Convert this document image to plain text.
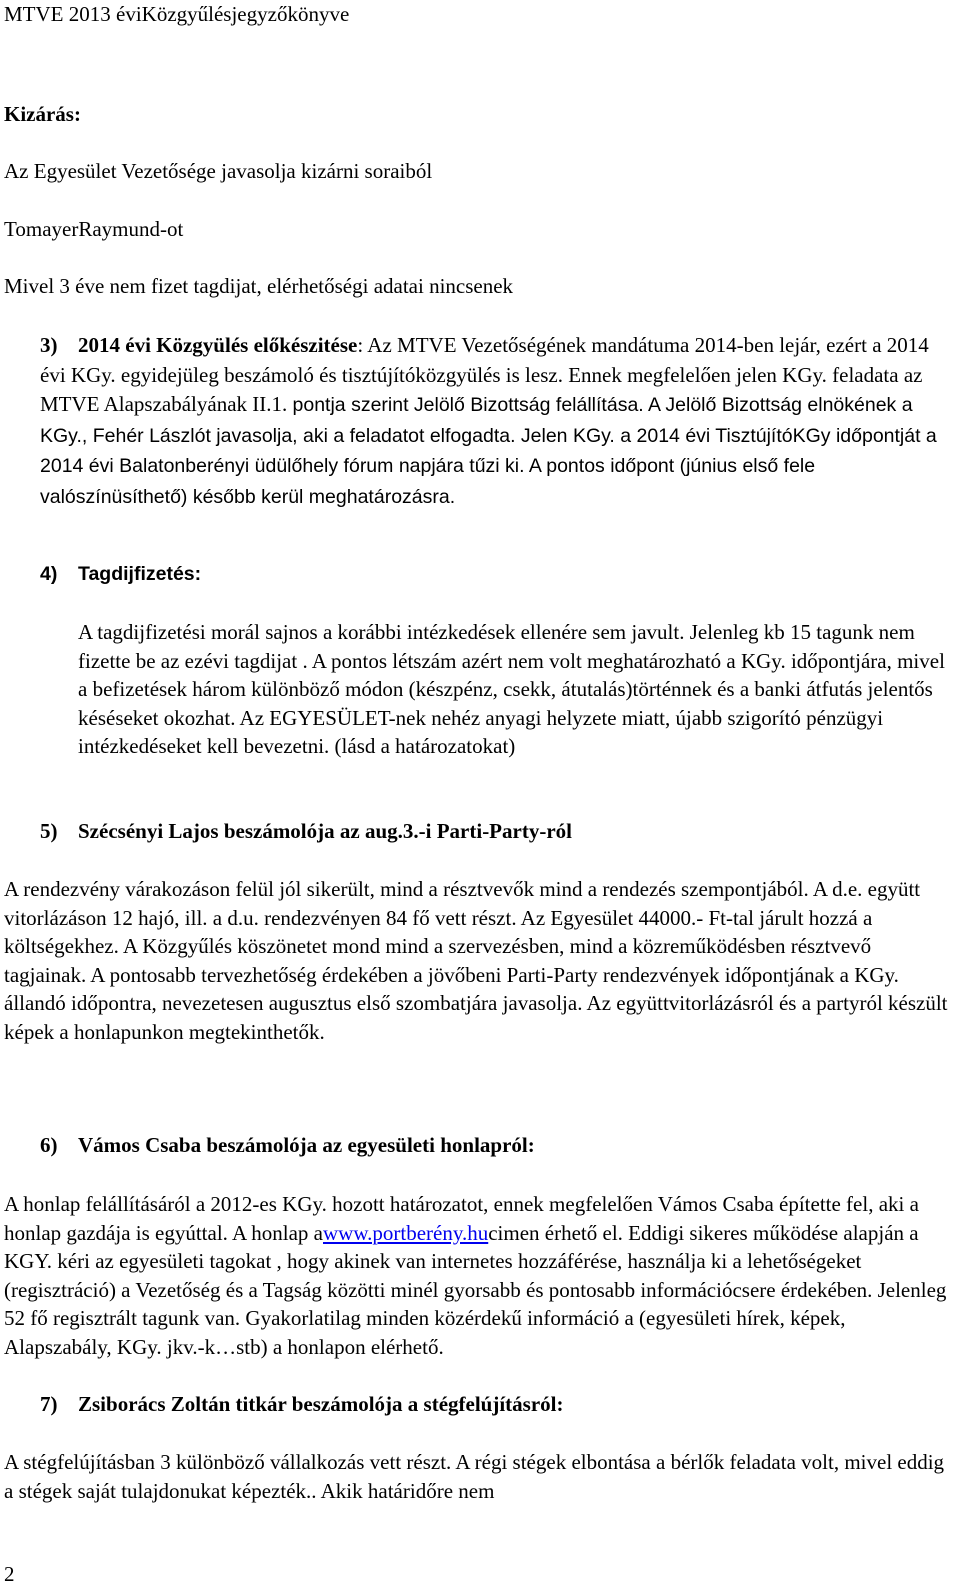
MTVE 2013 éviKözgyűlésjegyzőkönyve
Kizárás:
Az Egyesület Vezetősége javasolja kizárni soraiból
TomayerRaymund-ot
Mivel 3 éve nem fizet tagdijat, elérhetőségi adatai nincsenek
3) 2014 évi Közgyülés előkészitése: Az MTVE Vezetőségének mandátuma 2014-ben lejár, ezért a 2014 évi KGy. egyidejüleg beszámoló és tisztújítóközgyülés is lesz. Ennek megfelelően jelen KGy. feladata az MTVE Alapszabályának II.1. pontja szerint Jelölő Bizottság felállítása. A Jelölő Bizottság elnökének a KGy., Fehér Lászlót javasolja, aki a feladatot elfogadta. Jelen KGy. a 2014 évi TisztújítóKGy időpontját a 2014 évi Balatonberényi üdülőhely fórum napjára tűzi ki. A pontos időpont (június első fele valószínüsíthető) később kerül meghatározásra.
4) Tagdijfizetés:
A tagdijfizetési morál sajnos a korábbi intézkedések ellenére sem javult. Jelenleg kb 15 tagunk nem fizette be az ezévi tagdijat . A pontos létszám azért nem volt meghatározható a KGy. időpontjára, mivel a befizetések három különböző módon (készpénz, csekk, átutalás)történnek és a banki átfutás jelentős késéseket okozhat. Az EGYESÜLET-nek nehéz anyagi helyzete miatt, újabb szigorító pénzügyi intézkedéseket kell bevezetni. (lásd a határozatokat)
5) Szécsényi Lajos beszámolója az aug.3.-i Parti-Party-ról
A rendezvény várakozáson felül jól sikerült, mind a résztvevők mind a rendezés szempontjából. A d.e. együtt vitorlázáson 12 hajó, ill. a d.u. rendezvényen 84 fő vett részt. Az Egyesület 44000.- Ft-tal járult hozzá a költségekhez. A Közgyűlés köszönetet mond mind a szervezésben, mind a közreműködésben résztvevő tagjainak. A pontosabb tervezhetőség érdekében a jövőbeni Parti-Party rendezvények időpontjának a KGy. állandó időpontra, nevezetesen augusztus első szombatjára javasolja. Az együttvitorlázásról és a partyról készült képek a honlapunkon megtekinthetők.
6) Vámos Csaba beszámolója az egyesületi honlapról:
A honlap felállításáról a 2012-es KGy. hozott határozatot, ennek megfelelően Vámos Csaba építette fel, aki a honlap gazdája is egyúttal. A honlap awww.portberény.hucimen érhető el. Eddigi sikeres működése alapján a KGY. kéri az egyesületi tagokat , hogy akinek van internetes hozzáférése, használja ki a lehetőségeket (regisztráció) a Vezetőség és a Tagság közötti minél gyorsabb és pontosabb információcsere érdekében. Jelenleg 52 fő regisztrált tagunk van. Gyakorlatilag minden közérdekű információ a (egyesületi hírek, képek, Alapszabály, KGy. jkv.-k…stb) a honlapon elérhető.
7) Zsiborács Zoltán titkár beszámolója a stégfelújításról:
A stégfelújításban 3 különböző vállalkozás vett részt. A régi stégek elbontása a bérlők feladata volt, mivel eddig a stégek saját tulajdonukat képezték.. Akik határidőre nem
2
